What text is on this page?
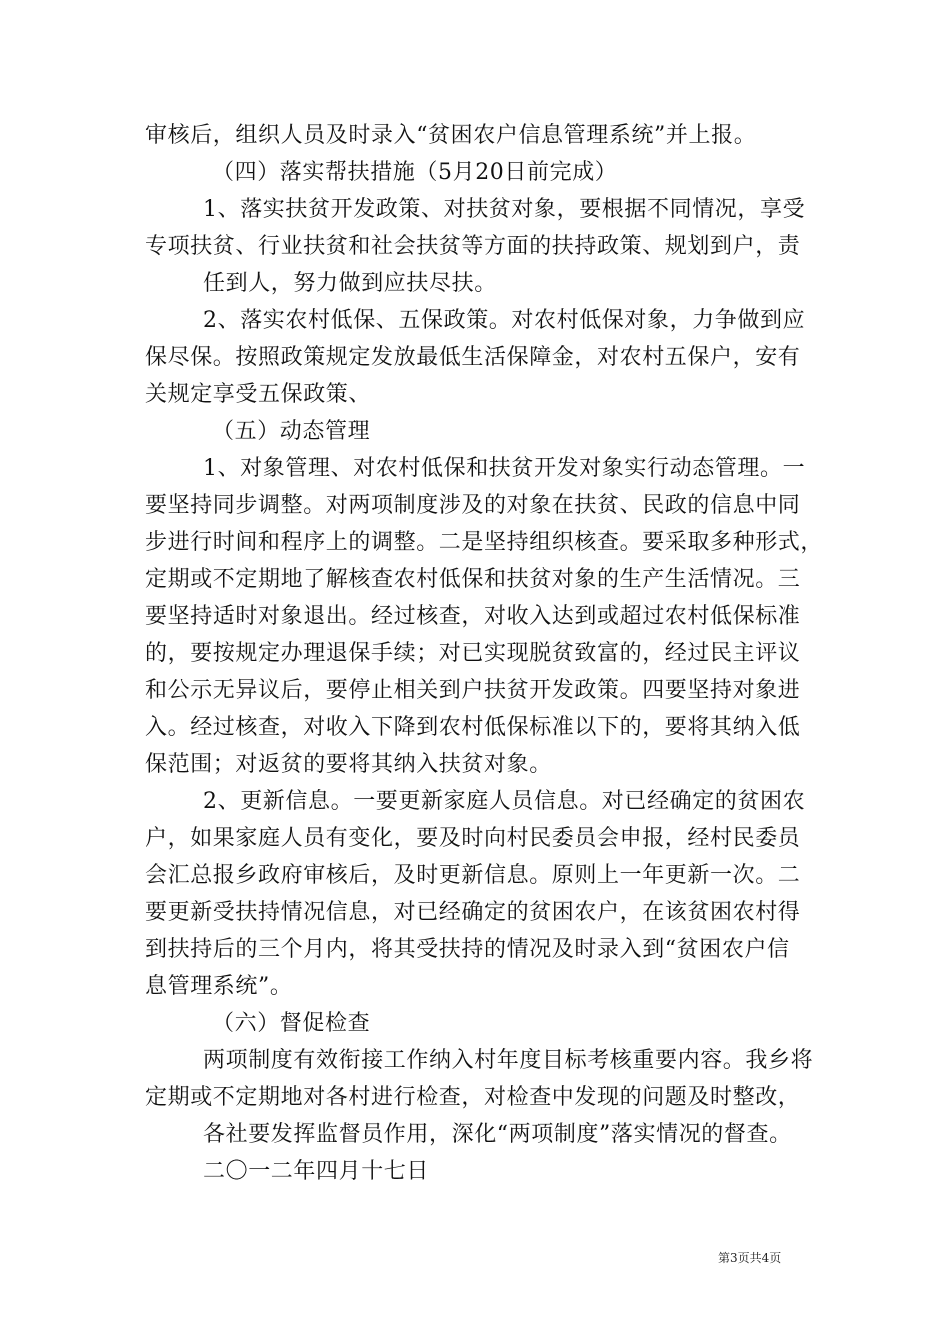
审核后，组织人员及时录入“贫困农户信息管理系统”并上报。
（四）落实帮扶措施（5月20日前完成）
1、落实扶贫开发政策、对扶贫对象，要根据不同情况，享受
专项扶贫、行业扶贫和社会扶贫等方面的扶持政策、规划到户，责
任到人，努力做到应扶尽扶。
2、落实农村低保、五保政策。对农村低保对象，力争做到应
保尽保。按照政策规定发放最低生活保障金，对农村五保户，安有
关规定享受五保政策、
（五）动态管理
1、对象管理、对农村低保和扶贫开发对象实行动态管理。一
要坚持同步调整。对两项制度涉及的对象在扶贫、民政的信息中同
步进行时间和程序上的调整。二是坚持组织核查。要采取多种形式，
定期或不定期地了解核查农村低保和扶贫对象的生产生活情况。三
要坚持适时对象退出。经过核查，对收入达到或超过农村低保标准
的，要按规定办理退保手续；对已实现脱贫致富的，经过民主评议
和公示无异议后，要停止相关到户扶贫开发政策。四要坚持对象进
入。经过核查，对收入下降到农村低保标准以下的，要将其纳入低
保范围；对返贫的要将其纳入扶贫对象。
2、更新信息。一要更新家庭人员信息。对已经确定的贫困农
户，如果家庭人员有变化，要及时向村民委员会申报，经村民委员
会汇总报乡政府审核后，及时更新信息。原则上一年更新一次。二
要更新受扶持情况信息，对已经确定的贫困农户，在该贫困农村得
到扶持后的三个月内，将其受扶持的情况及时录入到“贫困农户信
息管理系统”。
（六）督促检查
两项制度有效衔接工作纳入村年度目标考核重要内容。我乡将
定期或不定期地对各村进行检查，对检查中发现的问题及时整改，
各社要发挥监督员作用，深化“两项制度”落实情况的督查。
二〇一二年四月十七日
第3页共4页
